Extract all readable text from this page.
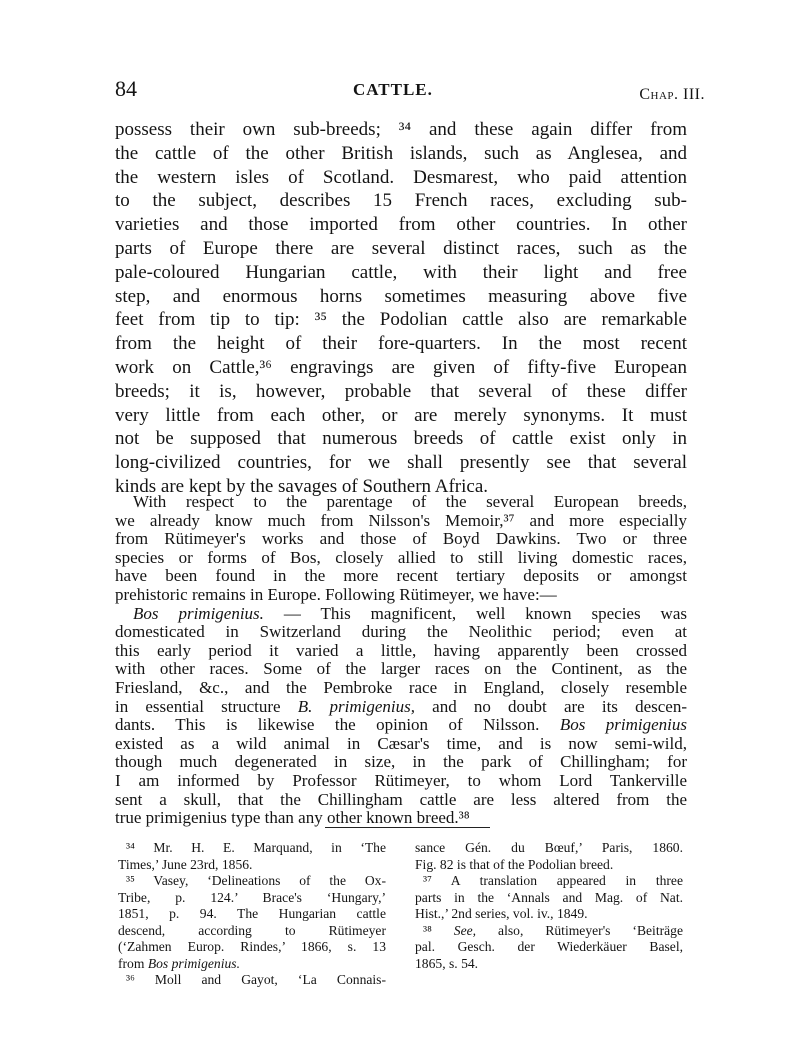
84	CATTLE.	Chap. III.
possess their own sub-breeds; ³⁴ and these again differ from
the cattle of the other British islands, such as Anglesea, and
the western isles of Scotland. Desmarest, who paid attention
to the subject, describes 15 French races, excluding sub-
varieties and those imported from other countries. In other
parts of Europe there are several distinct races, such as the
pale-coloured Hungarian cattle, with their light and free
step, and enormous horns sometimes measuring above five
feet from tip to tip: ³⁵ the Podolian cattle also are remarkable
from the height of their fore-quarters. In the most recent
work on Cattle,³⁶ engravings are given of fifty-five European
breeds; it is, however, probable that several of these differ
very little from each other, or are merely synonyms. It must
not be supposed that numerous breeds of cattle exist only in
long-civilized countries, for we shall presently see that several
kinds are kept by the savages of Southern Africa.
With respect to the parentage of the several European breeds,
we already know much from Nilsson's Memoir,³⁷ and more especially
from Rütimeyer's works and those of Boyd Dawkins. Two or three
species or forms of Bos, closely allied to still living domestic races,
have been found in the more recent tertiary deposits or amongst
prehistoric remains in Europe. Following Rütimeyer, we have:—
Bos primigenius. — This magnificent, well known species was
domesticated in Switzerland during the Neolithic period; even at
this early period it varied a little, having apparently been crossed
with other races. Some of the larger races on the Continent, as the
Friesland, &c., and the Pembroke race in England, closely resemble
in essential structure B. primigenius, and no doubt are its descen-
dants. This is likewise the opinion of Nilsson. Bos primigenius
existed as a wild animal in Cæsar's time, and is now semi-wild,
though much degenerated in size, in the park of Chillingham; for
I am informed by Professor Rütimeyer, to whom Lord Tankerville
sent a skull, that the Chillingham cattle are less altered from the
true primigenius type than any other known breed.³⁸
³⁴ Mr. H. E. Marquand, in ‘The
Times,’ June 23rd, 1856.
³⁵ Vasey, ‘Delineations of the Ox-
Tribe, p. 124.’ Brace's ‘Hungary,’
1851, p. 94. The Hungarian cattle
descend, according to Rütimeyer
(‘Zahmen Europ. Rindes,’ 1866, s. 13
from Bos primigenius.
³⁶ Moll and Gayot, ‘La Connais-
sance Gén. du Bœuf,’ Paris, 1860.
Fig. 82 is that of the Podolian breed.
³⁷ A translation appeared in three
parts in the ‘Annals and Mag. of Nat.
Hist.,’ 2nd series, vol. iv., 1849.
³⁸ See, also, Rütimeyer's ‘Beiträge
pal. Gesch. der Wiederkäuer Basel,
1865, s. 54.
